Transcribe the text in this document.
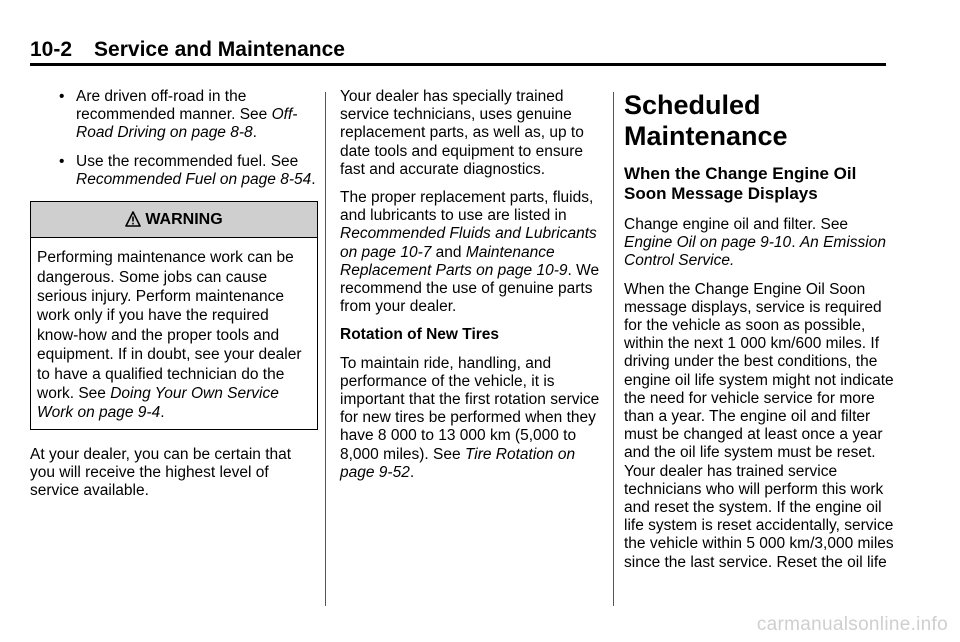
10-2 Service and Maintenance
• Are driven off-road in the recommended manner. See Off-Road Driving on page 8-8.
• Use the recommended fuel. See Recommended Fuel on page 8-54.
WARNING
Performing maintenance work can be dangerous. Some jobs can cause serious injury. Perform maintenance work only if you have the required know-how and the proper tools and equipment. If in doubt, see your dealer to have a qualified technician do the work. See Doing Your Own Service Work on page 9-4.

At your dealer, you can be certain that you will receive the highest level of service available.

Your dealer has specially trained service technicians, uses genuine replacement parts, as well as, up to date tools and equipment to ensure fast and accurate diagnostics.

The proper replacement parts, fluids, and lubricants to use are listed in Recommended Fluids and Lubricants on page 10-7 and Maintenance Replacement Parts on page 10-9. We recommend the use of genuine parts from your dealer.

Rotation of New Tires

To maintain ride, handling, and performance of the vehicle, it is important that the first rotation service for new tires be performed when they have 8 000 to 13 000 km (5,000 to 8,000 miles). See Tire Rotation on page 9-52.

Scheduled Maintenance
When the Change Engine Oil Soon Message Displays

Change engine oil and filter. See Engine Oil on page 9-10. An Emission Control Service.

When the Change Engine Oil Soon message displays, service is required for the vehicle as soon as possible, within the next 1 000 km/600 miles. If driving under the best conditions, the engine oil life system might not indicate the need for vehicle service for more than a year. The engine oil and filter must be changed at least once a year and the oil life system must be reset. Your dealer has trained service technicians who will perform this work and reset the system. If the engine oil life system is reset accidentally, service the vehicle within 5 000 km/3,000 miles since the last service. Reset the oil life

carmanualsonline.info
